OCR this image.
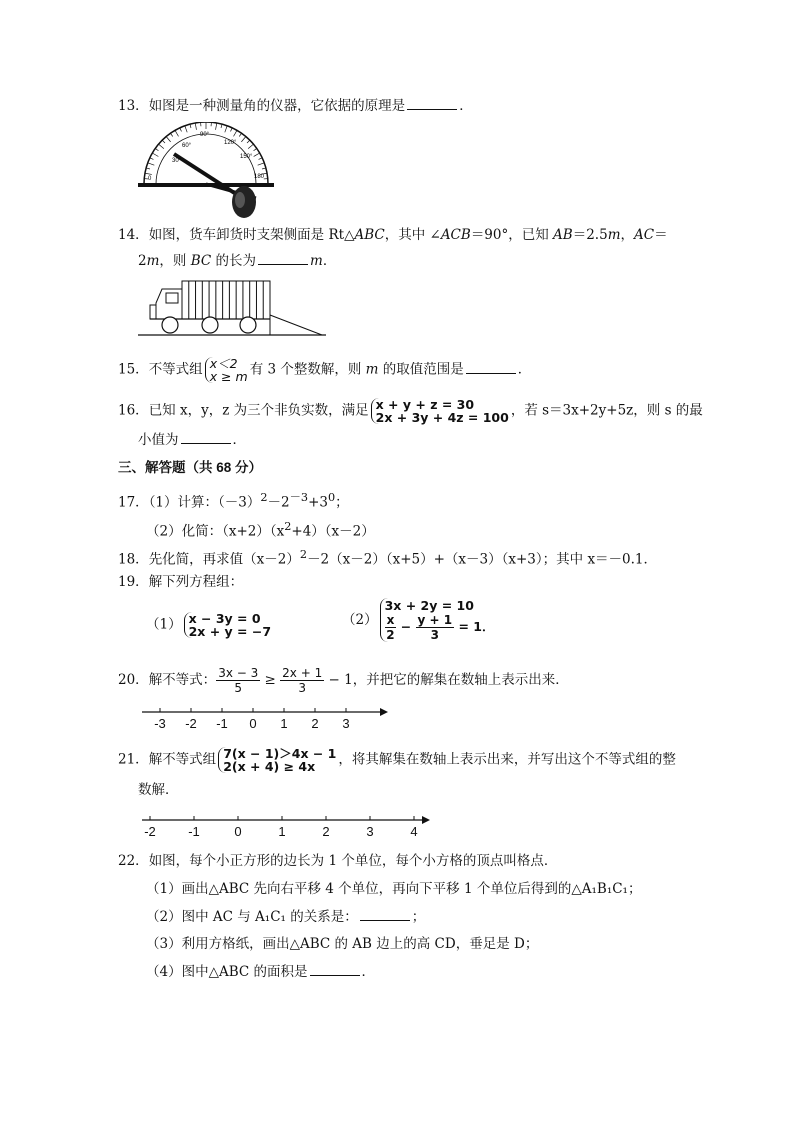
13．如图是一种测量角的仪器，它依据的原理是	．
30°
60°
90°
120°
150°
0	180
14．如图，货车卸货时支架侧面是 Rt△ABC，其中 ∠ACB＝90°，已知 AB＝2.5m，AC＝
2m，则 BC 的长为	m．
15．不等式组 x＜2
x ≥ m 有 3 个整数解，则 m 的取值范围是	．
16．已知 x，y，z 为三个非负实数，满足 x + y + z = 30
2x + 3y + 4z = 100 ，若 s＝3x+2y+5z，则 s 的最
小值为	．
三、解答题（共 68 分）
17．（1）计算：$(-3)^2-2^{-3}+3^0$；
（2）化简：$(x+2)(x^2+4)(x-2)$
18．先化简，再求值$(x-2)^2-2(x-2)(x+5)+(x-3)(x+3)$；其中 x＝－0.1．
19．解下列方程组：
（1） x − 3y = 0
2x + y = −7
（2）3x + 2y = 10

$\frac{x}{2} - \frac{y + 1}{3} = 1$．
20．解不等式： $\frac{3x - 3}{5} \ge \frac{2x + 1}{3} - 1$，并把它的解集在数轴上表示出来．
-3 -2 -1 0 1 2 3
21．解不等式组 7(x − 1)＞4x − 1
2(x + 4) ≥ 4x ，将其解集在数轴上表示出来，并写出这个不等式组的整
数解．
-2 -1	0	1	2	3	4
22．如图，每个小正方形的边长为 1 个单位，每个小方格的顶点叫格点．
（1）画出△ABC 先向右平移 4 个单位，再向下平移 1 个单位后得到的△A₁B₁C₁；
（2）图中 AC 与 A₁C₁ 的关系是：	；
（3）利用方格纸，画出△ABC 的 AB 边上的高 CD，垂足是 D；
（4）图中△ABC 的面积是	．
